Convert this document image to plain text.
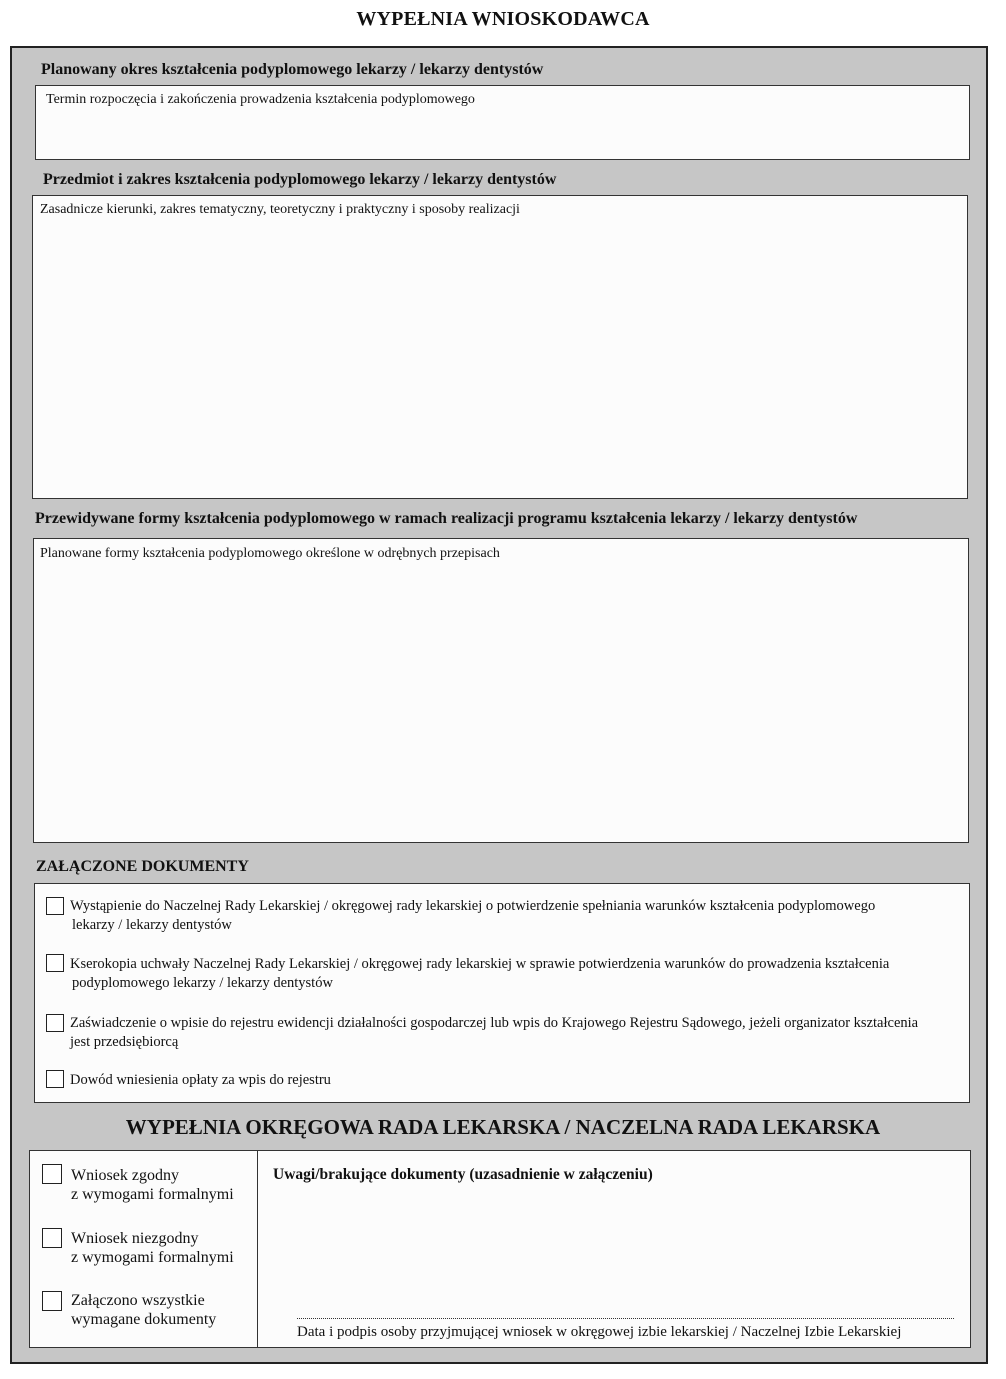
WYPEŁNIA WNIOSKODAWCA
Planowany okres kształcenia podyplomowego lekarzy / lekarzy dentystów
Termin rozpoczęcia i zakończenia prowadzenia kształcenia podyplomowego
Przedmiot i zakres kształcenia podyplomowego lekarzy / lekarzy dentystów
Zasadnicze kierunki, zakres tematyczny, teoretyczny i praktyczny i sposoby realizacji
Przewidywane formy kształcenia podyplomowego w ramach realizacji programu kształcenia lekarzy / lekarzy dentystów
Planowane formy kształcenia podyplomowego określone w odrębnych przepisach
ZAŁĄCZONE DOKUMENTY
Wystąpienie do Naczelnej Rady Lekarskiej / okręgowej rady lekarskiej o potwierdzenie spełniania warunków kształcenia podyplomowego
lekarzy / lekarzy dentystów
Kserokopia uchwały Naczelnej Rady Lekarskiej / okręgowej rady lekarskiej w sprawie potwierdzenia warunków do prowadzenia kształcenia
podyplomowego lekarzy / lekarzy dentystów
Zaświadczenie o wpisie do rejestru ewidencji działalności gospodarczej lub wpis do Krajowego Rejestru Sądowego, jeżeli organizator kształcenia
jest przedsiębiorcą
Dowód wniesienia opłaty za wpis do rejestru
WYPEŁNIA OKRĘGOWA RADA LEKARSKA / NACZELNA RADA LEKARSKA
Wniosek zgodny
z wymogami formalnymi
Wniosek niezgodny
z wymogami formalnymi
Załączono wszystkie
wymagane dokumenty
Uwagi/brakujące dokumenty (uzasadnienie w załączeniu)
Data i podpis osoby przyjmującej wniosek w okręgowej izbie lekarskiej / Naczelnej Izbie Lekarskiej
